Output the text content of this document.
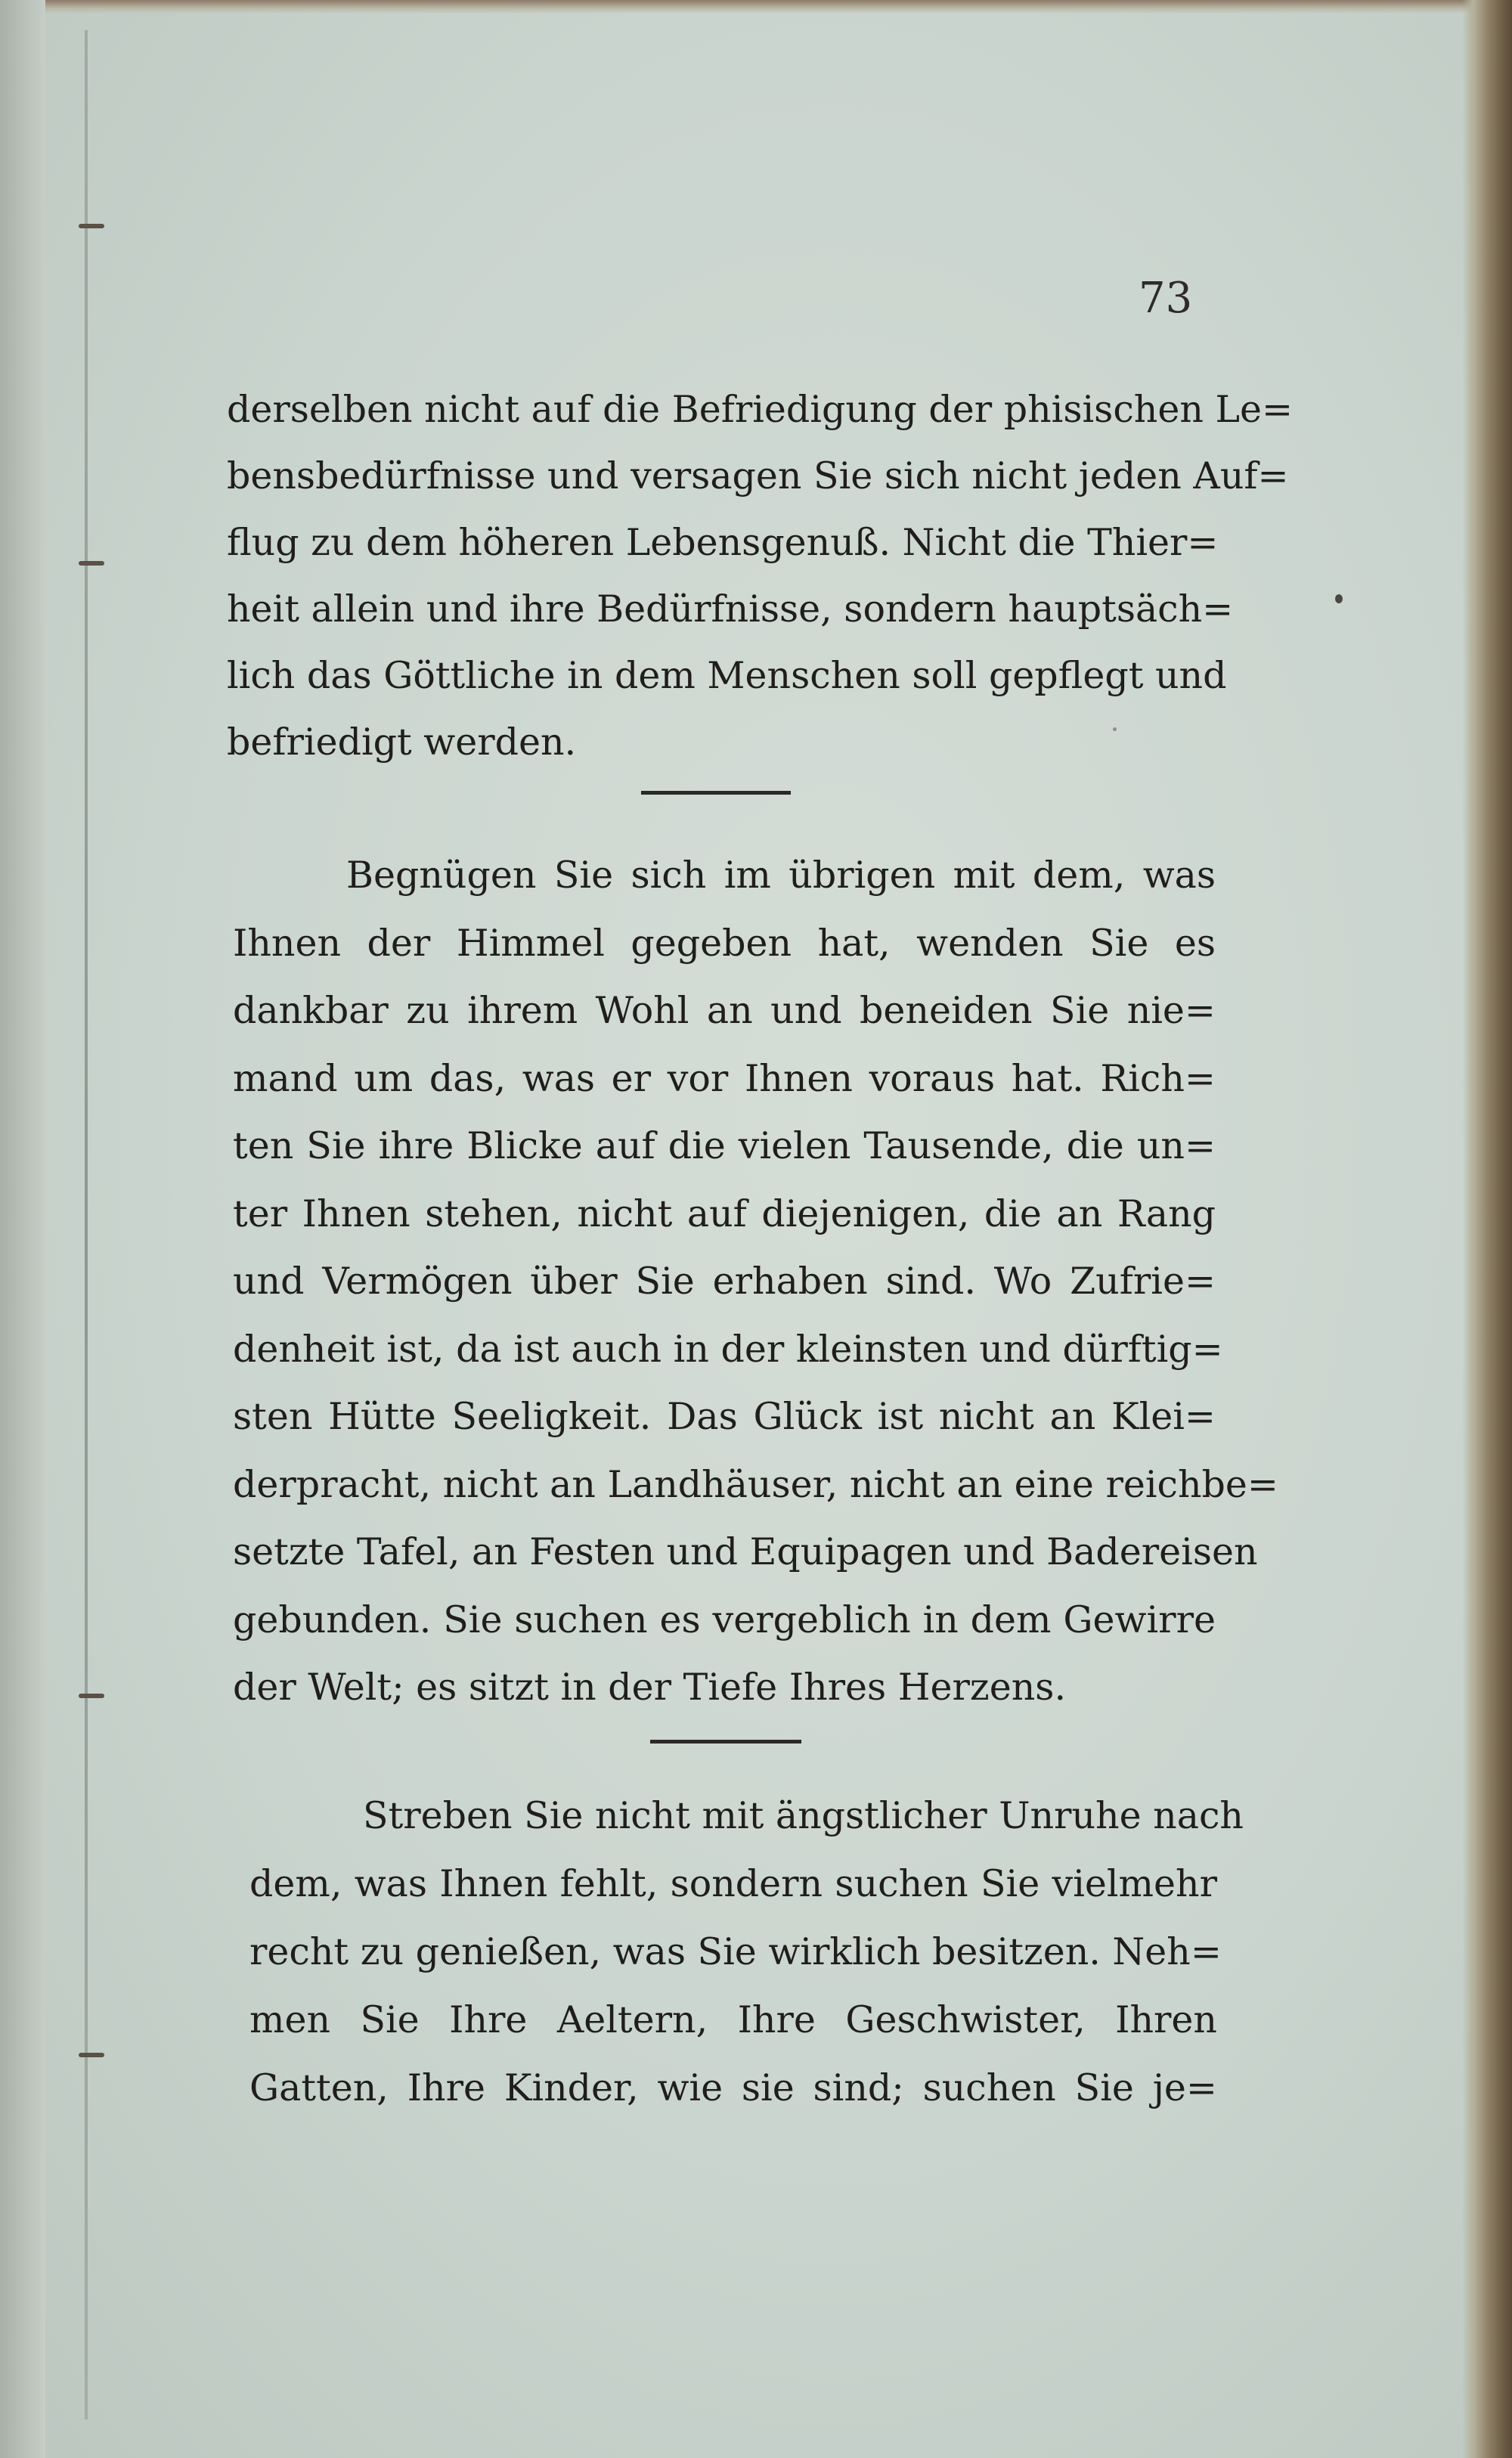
73
derselben nicht auf die Befriedigung der phisischen Le=
bensbedürfnisse und versagen Sie sich nicht jeden Auf=
flug zu dem höheren Lebensgenuß. Nicht die Thier=
heit allein und ihre Bedürfnisse, sondern hauptsäch=
lich das Göttliche in dem Menschen soll gepflegt und
befriedigt werden.
Begnügen Sie sich im übrigen mit dem, was
Ihnen der Himmel gegeben hat, wenden Sie es
dankbar zu ihrem Wohl an und beneiden Sie nie=
mand um das, was er vor Ihnen voraus hat. Rich=
ten Sie ihre Blicke auf die vielen Tausende, die un=
ter Ihnen stehen, nicht auf diejenigen, die an Rang
und Vermögen über Sie erhaben sind. Wo Zufrie=
denheit ist, da ist auch in der kleinsten und dürftig=
sten Hütte Seeligkeit. Das Glück ist nicht an Klei=
derpracht, nicht an Landhäuser, nicht an eine reichbe=
setzte Tafel, an Festen und Equipagen und Badereisen
gebunden. Sie suchen es vergeblich in dem Gewirre
der Welt; es sitzt in der Tiefe Ihres Herzens.
Streben Sie nicht mit ängstlicher Unruhe nach
dem, was Ihnen fehlt, sondern suchen Sie vielmehr
recht zu genießen, was Sie wirklich besitzen. Neh=
men Sie Ihre Aeltern, Ihre Geschwister, Ihren
Gatten, Ihre Kinder, wie sie sind; suchen Sie je=
